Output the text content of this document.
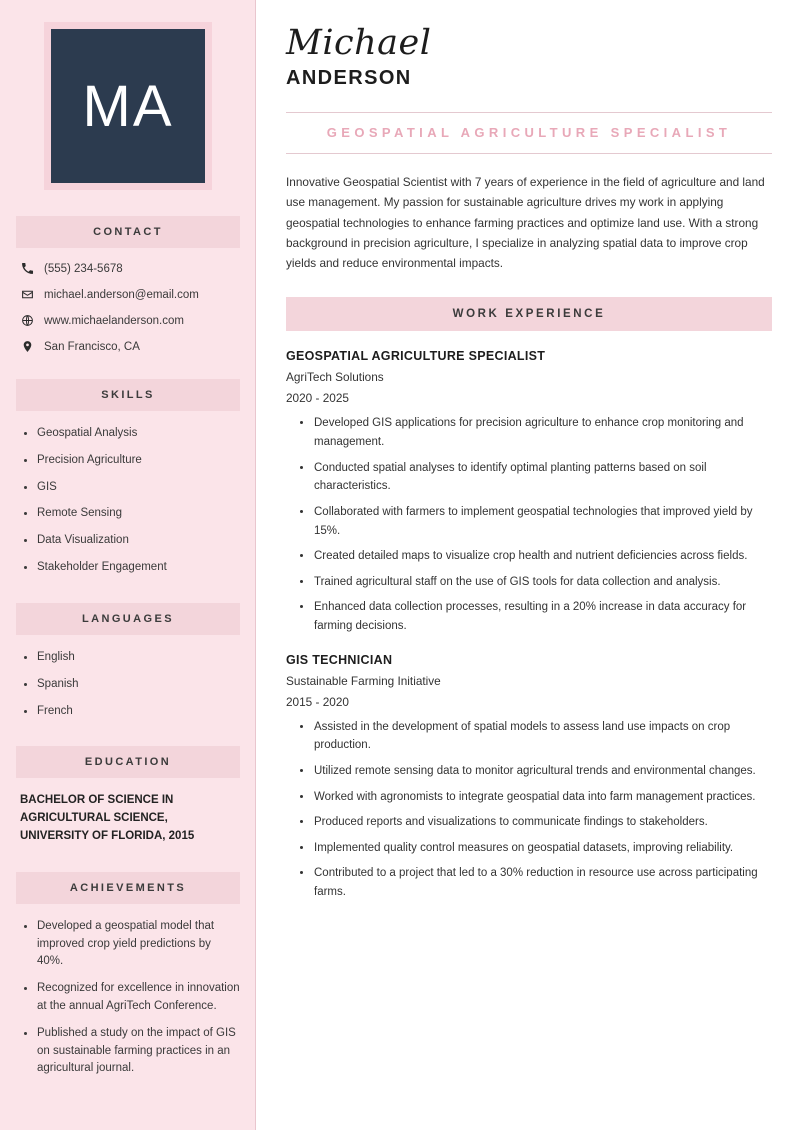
MA
CONTACT
(555) 234-5678
michael.anderson@email.com
www.michaelanderson.com
San Francisco, CA
SKILLS
Geospatial Analysis
Precision Agriculture
GIS
Remote Sensing
Data Visualization
Stakeholder Engagement
LANGUAGES
English
Spanish
French
EDUCATION
BACHELOR OF SCIENCE IN AGRICULTURAL SCIENCE, UNIVERSITY OF FLORIDA, 2015
ACHIEVEMENTS
Developed a geospatial model that improved crop yield predictions by 40%.
Recognized for excellence in innovation at the annual AgriTech Conference.
Published a study on the impact of GIS on sustainable farming practices in an agricultural journal.
Michael
ANDERSON
GEOSPATIAL AGRICULTURE SPECIALIST

Innovative Geospatial Scientist with 7 years of experience in the field of agriculture and land use management. My passion for sustainable agriculture drives my work in applying geospatial technologies to enhance farming practices and optimize land use. With a strong background in precision agriculture, I specialize in analyzing spatial data to improve crop yields and reduce environmental impacts.

WORK EXPERIENCE
GEOSPATIAL AGRICULTURE SPECIALIST
AgriTech Solutions
2020 - 2025
Developed GIS applications for precision agriculture to enhance crop monitoring and management.
Conducted spatial analyses to identify optimal planting patterns based on soil characteristics.
Collaborated with farmers to implement geospatial technologies that improved yield by 15%.
Created detailed maps to visualize crop health and nutrient deficiencies across fields.
Trained agricultural staff on the use of GIS tools for data collection and analysis.
Enhanced data collection processes, resulting in a 20% increase in data accuracy for farming decisions.
GIS TECHNICIAN
Sustainable Farming Initiative
2015 - 2020
Assisted in the development of spatial models to assess land use impacts on crop production.
Utilized remote sensing data to monitor agricultural trends and environmental changes.
Worked with agronomists to integrate geospatial data into farm management practices.
Produced reports and visualizations to communicate findings to stakeholders.
Implemented quality control measures on geospatial datasets, improving reliability.
Contributed to a project that led to a 30% reduction in resource use across participating farms.
